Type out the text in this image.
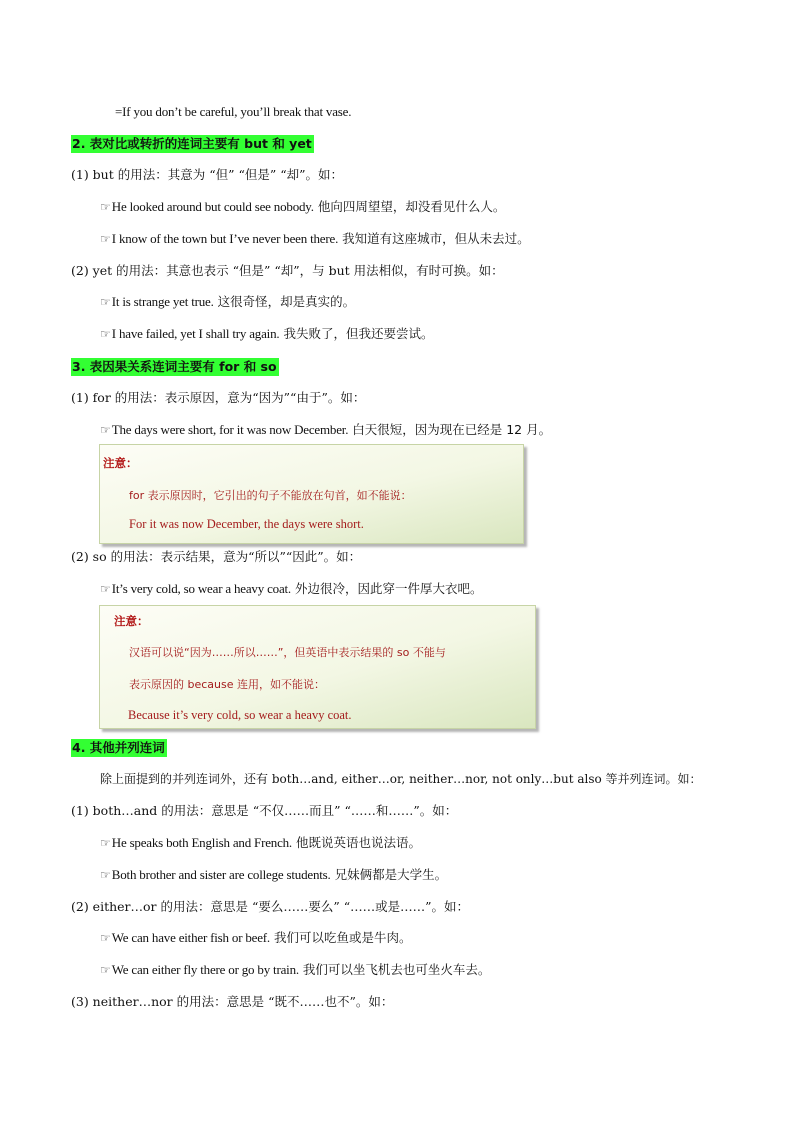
=If you don’t be careful, you’ll break that vase.
2. 表对比或转折的连词主要有 but 和 yet
(1) but 的用法：其意为 “但” “但是” “却”。如：
☞He looked around but could see nobody. 他向四周望望，却没看见什么人。
☞I know of the town but I’ve never been there. 我知道有这座城市，但从未去过。
(2) yet 的用法：其意也表示 “但是” “却”，与 but 用法相似，有时可换。如：
☞It is strange yet true. 这很奇怪，却是真实的。
☞I have failed, yet I shall try again. 我失败了，但我还要尝试。
3. 表因果关系连词主要有 for 和 so
(1) for 的用法：表示原因，意为“因为”“由于”。如：
☞The days were short, for it was now December. 白天很短，因为现在已经是 12 月。
注意：
for 表示原因时，它引出的句子不能放在句首，如不能说：
For it was now December, the days were short.
(2) so 的用法：表示结果，意为“所以”“因此”。如：
☞It’s very cold, so wear a heavy coat. 外边很冷，因此穿一件厚大衣吧。
注意：
汉语可以说“因为……所以……”，但英语中表示结果的 so 不能与
表示原因的 because 连用，如不能说：
Because it’s very cold, so wear a heavy coat.
4. 其他并列连词
除上面提到的并列连词外，还有 both…and, either…or, neither…nor, not only…but also 等并列连词。如：
(1) both…and 的用法：意思是 “不仅……而且” “……和……”。如：
☞He speaks both English and French. 他既说英语也说法语。
☞Both brother and sister are college students. 兄妹俩都是大学生。
(2) either…or 的用法：意思是 “要么……要么” “……或是……”。如：
☞We can have either fish or beef. 我们可以吃鱼或是牛肉。
☞We can either fly there or go by train. 我们可以坐飞机去也可坐火车去。
(3) neither…nor 的用法：意思是 “既不……也不”。如：
